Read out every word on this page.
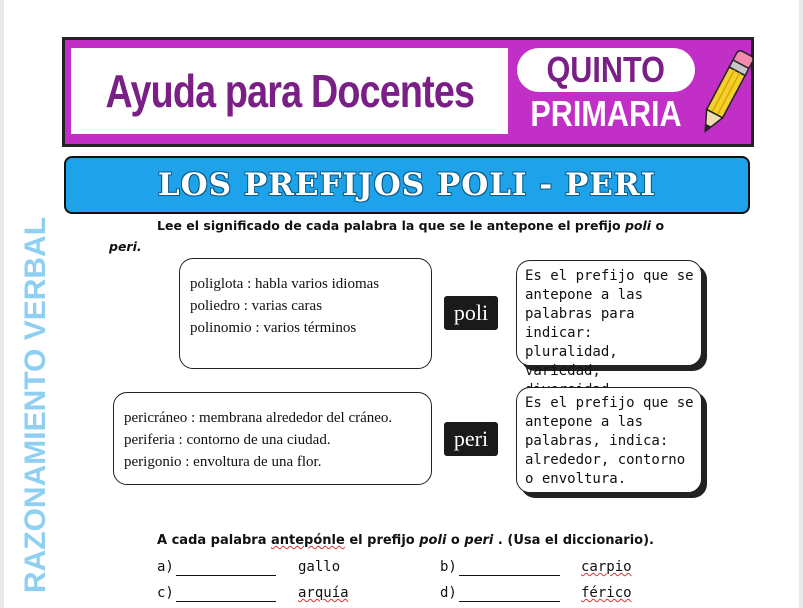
Ayuda para Docentes QUINTO
PRIMARIA
LOS PREFIJOS POLI - PERI
RAZONAMIENTO VERBAL	Lee el significado de cada palabra la que se le antepone el prefijo poli o
peri.
poliglota : habla varios idiomas
poliedro : varias caras
polinomio : varios términos
poli
Es el prefijo que se
antepone a las
palabras para indicar:
pluralidad, variedad,
pericráneo : membrana alrededor del cráneo.
periferia : contorno de una ciudad.
perigonio : envoltura de una flor.
peri
Es el prefijo que se
antepone a las
palabras, indica:
alrededor, contorno
o envoltura.
A cada palabra antepónle el prefijo poli o peri . (Usa el diccionario).
a)	gallo	b)	carpio
c)	arquía	d)	férico
